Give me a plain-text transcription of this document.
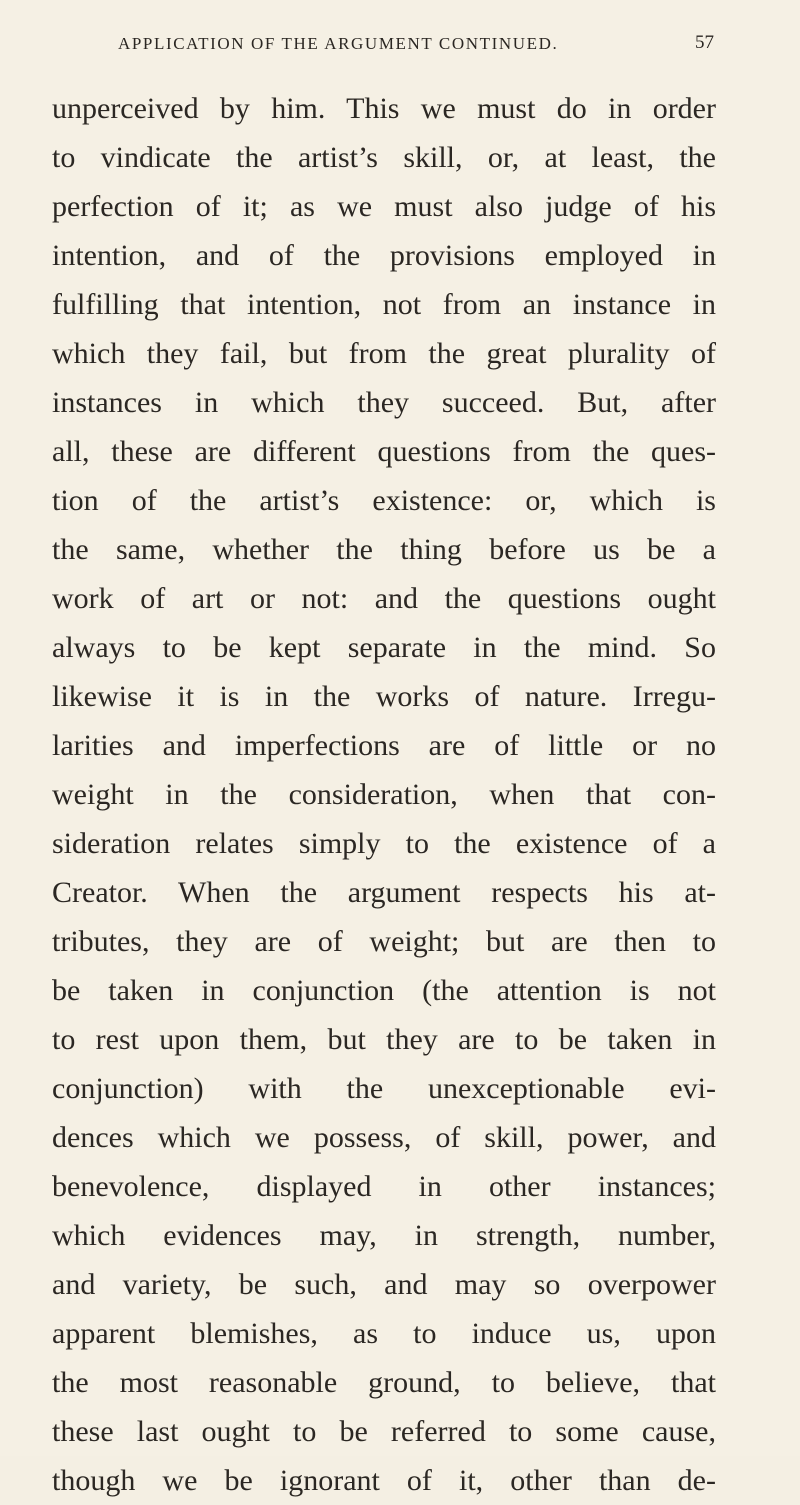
APPLICATION OF THE ARGUMENT CONTINUED.	57
unperceived by him. This we must do in order
to vindicate the artist’s skill, or, at least, the
perfection of it; as we must also judge of his
intention, and of the provisions employed in
fulfilling that intention, not from an instance in
which they fail, but from the great plurality of
instances in which they succeed. But, after
all, these are different questions from the ques-
tion of the artist’s existence: or, which is
the same, whether the thing before us be a
work of art or not: and the questions ought
always to be kept separate in the mind. So
likewise it is in the works of nature. Irregu-
larities and imperfections are of little or no
weight in the consideration, when that con-
sideration relates simply to the existence of a
Creator. When the argument respects his at-
tributes, they are of weight; but are then to
be taken in conjunction (the attention is not
to rest upon them, but they are to be taken in
conjunction) with the unexceptionable evi-
dences which we possess, of skill, power, and
benevolence, displayed in other instances;
which evidences may, in strength, number,
and variety, be such, and may so overpower
apparent blemishes, as to induce us, upon
the most reasonable ground, to believe, that
these last ought to be referred to some cause,
though we be ignorant of it, other than de-
